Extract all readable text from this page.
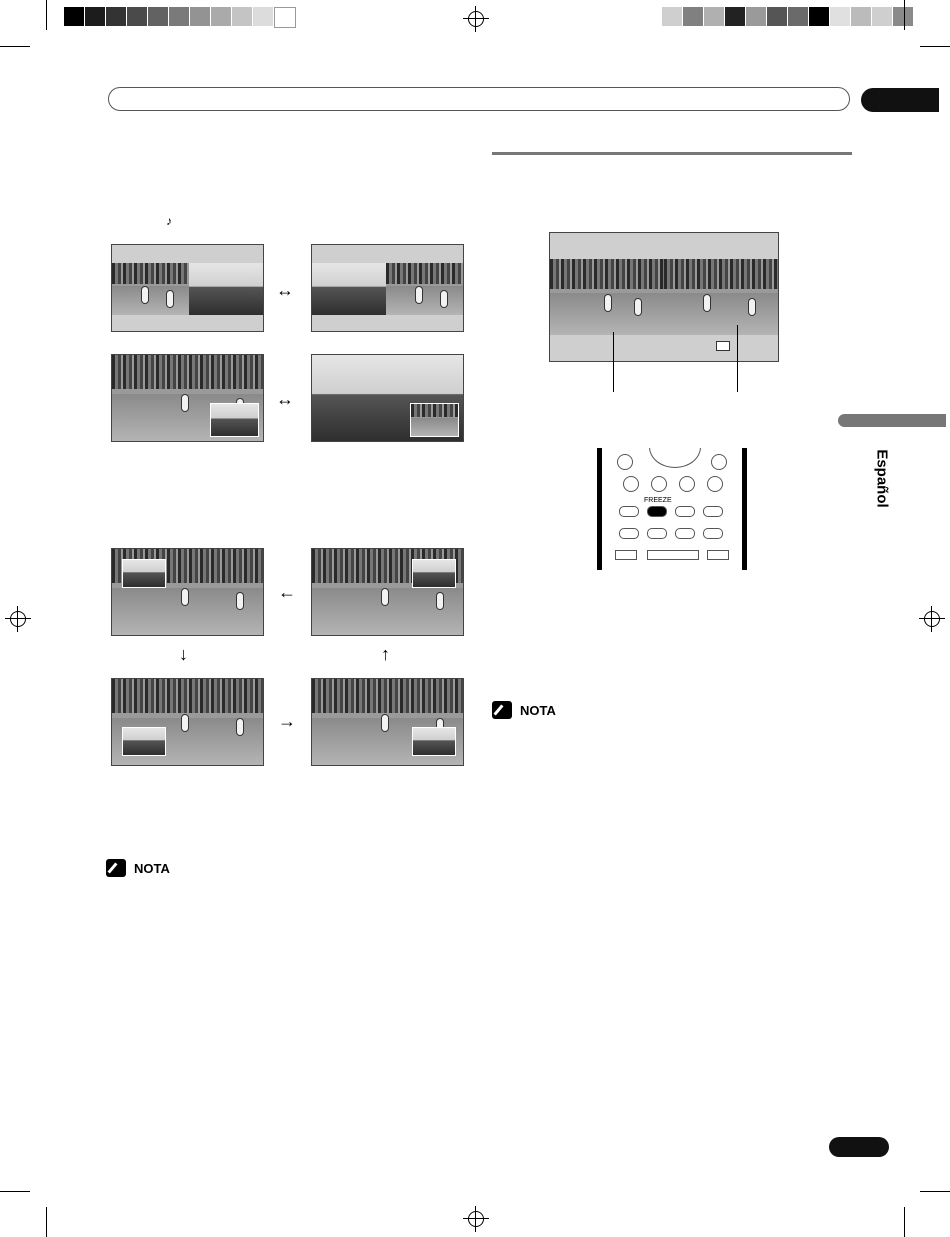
Español
♪
↔
↔
←
↓	↑
→
FREEZE
NOTA
NOTA
